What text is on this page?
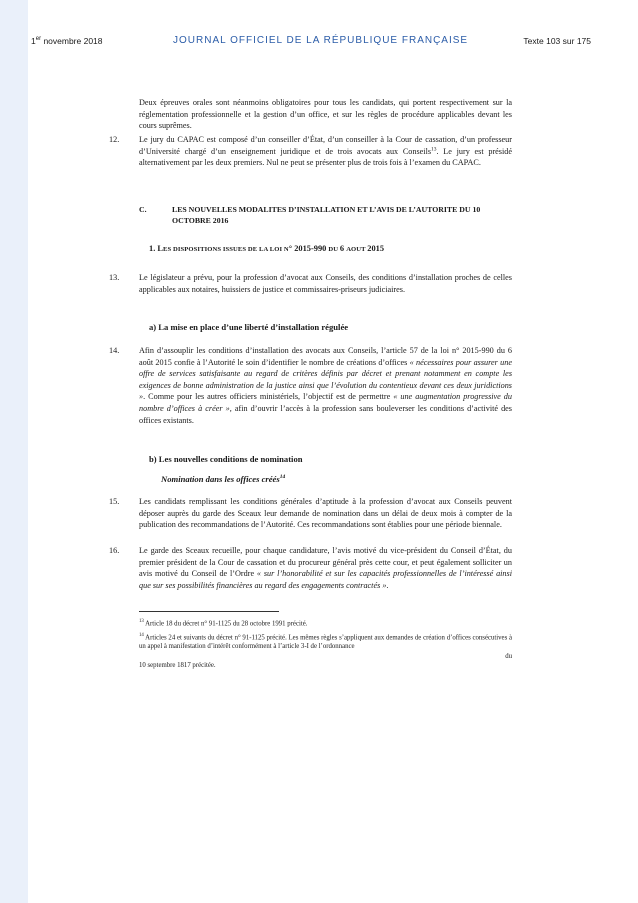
1er novembre 2018	JOURNAL OFFICIEL DE LA RÉPUBLIQUE FRANÇAISE	Texte 103 sur 175

Deux épreuves orales sont néanmoins obligatoires pour tous les candidats, qui portent respectivement sur la réglementation professionnelle et la gestion d’un office, et sur les règles de procédure applicables devant les cours suprêmes.

12. Le jury du CAPAC est composé d’un conseiller d’État, d’un conseiller à la Cour de cassation, d’un professeur d’Université chargé d’un enseignement juridique et de trois avocats aux Conseils$^{13}$. Le jury est présidé alternativement par les deux premiers. Nul ne peut se présenter plus de trois fois à l’examen du CAPAC.

C.	LES NOUVELLES MODALITES D’INSTALLATION ET L’AVIS DE L’AUTORITE DU 10 OCTOBRE 2016
1. LES DISPOSITIONS ISSUES DE LA LOI N° 2015-990 DU 6 AOUT 2015
13. Le législateur a prévu, pour la profession d’avocat aux Conseils, des conditions d’installation proches de celles applicables aux notaires, huissiers de justice et commissaires-priseurs judiciaires.

a) La mise en place d’une liberté d’installation régulée
14. Afin d’assouplir les conditions d’installation des avocats aux Conseils, l’article 57 de la loi n° 2015-990 du 6 août 2015 confie à l’Autorité le soin d’identifier le nombre de créations d’offices « nécessaires pour assurer une offre de services satisfaisante au regard de critères définis par décret et prenant notamment en compte les exigences de bonne administration de la justice ainsi que l’évolution du contentieux devant ces deux juridictions ». Comme pour les autres officiers ministériels, l’objectif est de permettre « une augmentation progressive du nombre d’offices à créer », afin d’ouvrir l’accès à la profession sans bouleverser les conditions d’activité des offices existants.

b) Les nouvelles conditions de nomination
Nomination dans les offices créés$^{14}$
15. Les candidats remplissant les conditions générales d’aptitude à la profession d’avocat aux Conseils peuvent déposer auprès du garde des Sceaux leur demande de nomination dans un délai de deux mois à compter de la publication des recommandations de l’Autorité. Ces recommandations sont établies pour une période biennale.

16. Le garde des Sceaux recueille, pour chaque candidature, l’avis motivé du vice-président du Conseil d’État, du premier président de la Cour de cassation et du procureur général près cette cour, et peut également solliciter un avis motivé du Conseil de l’Ordre « sur l’honorabilité et sur les capacités professionnelles de l’intéressé ainsi que sur ses possibilités financières au regard des engagements contractés ».

$^{13}$ Article 18 du décret n° 91-1125 du 28 octobre 1991 précité.
$^{14}$ Articles 24 et suivants du décret n° 91-1125 précité. Les mêmes règles s’appliquent aux demandes de création d’offices consécutives à un appel à manifestation d’intérêt conformément à l’article 3-I de l’ordonnance
du
10 septembre 1817 précitée.
